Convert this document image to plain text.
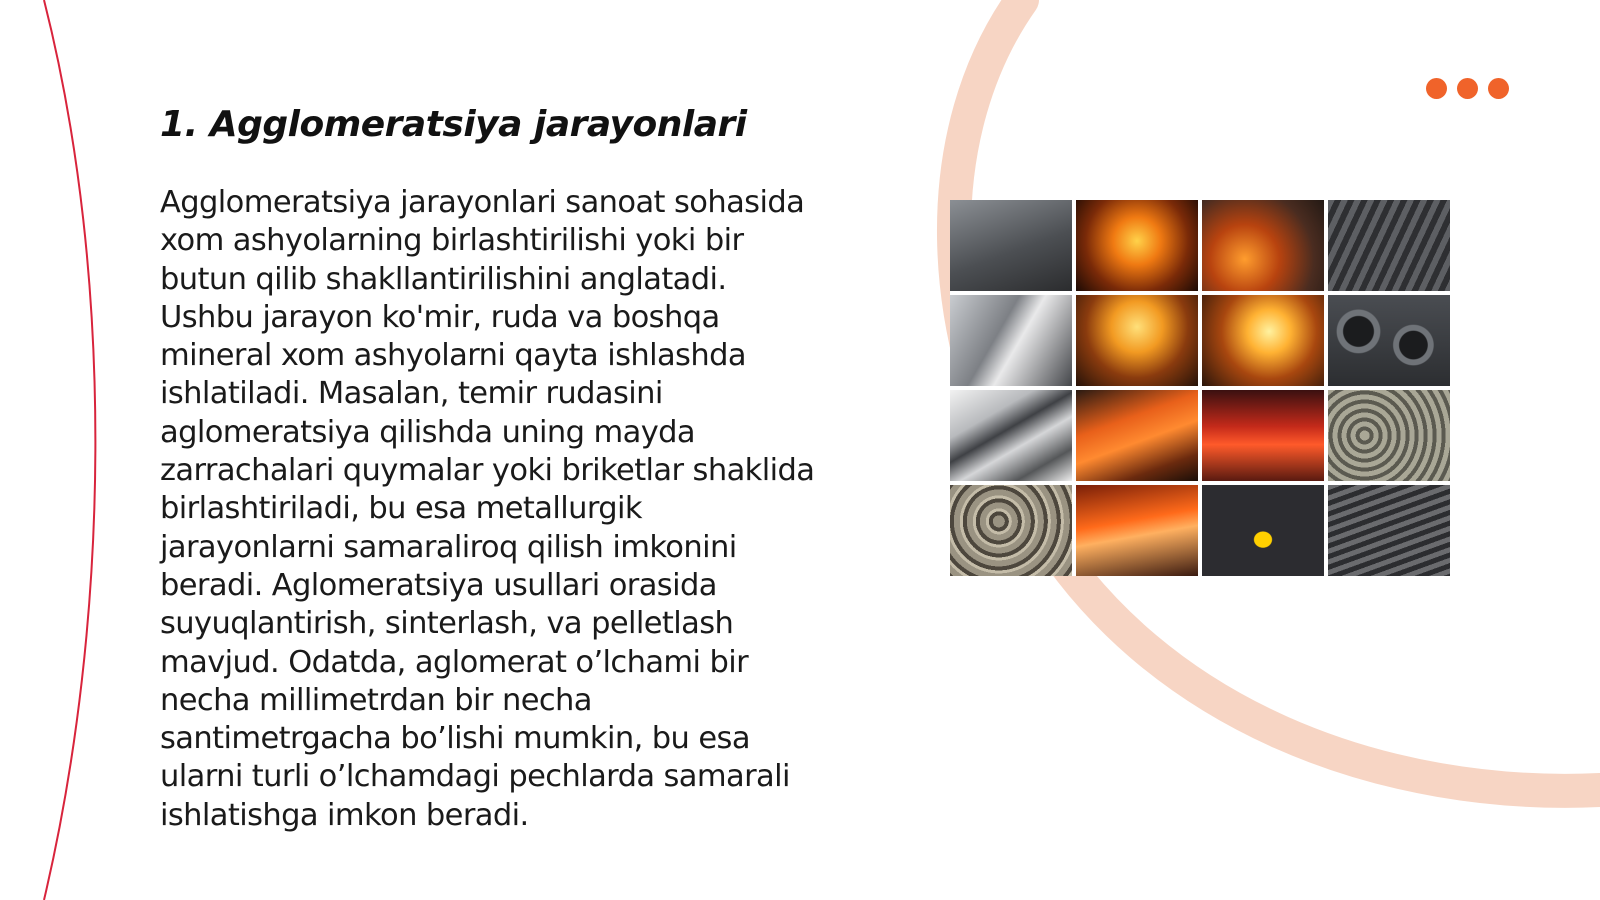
1. Agglomeratsiya jarayonlari

Agglomeratsiya jarayonlari sanoat sohasida
xom ashyolarning birlashtirilishi yoki bir
butun qilib shakllantirilishini anglatadi.
Ushbu jarayon ko'mir, ruda va boshqa
mineral xom ashyolarni qayta ishlashda
ishlatiladi. Masalan, temir rudasini
aglomeratsiya qilishda uning mayda
zarrachalari quymalar yoki briketlar shaklida
birlashtiriladi, bu esa metallurgik
jarayonlarni samaraliroq qilish imkonini
beradi. Aglomeratsiya usullari orasida
suyuqlantirish, sinterlash, va pelletlash
mavjud. Odatda, aglomerat o’lchami bir
necha millimetrdan bir necha
santimetrgacha bo’lishi mumkin, bu esa
ularni turli o’lchamdagi pechlarda samarali
ishlatishga imkon beradi.
